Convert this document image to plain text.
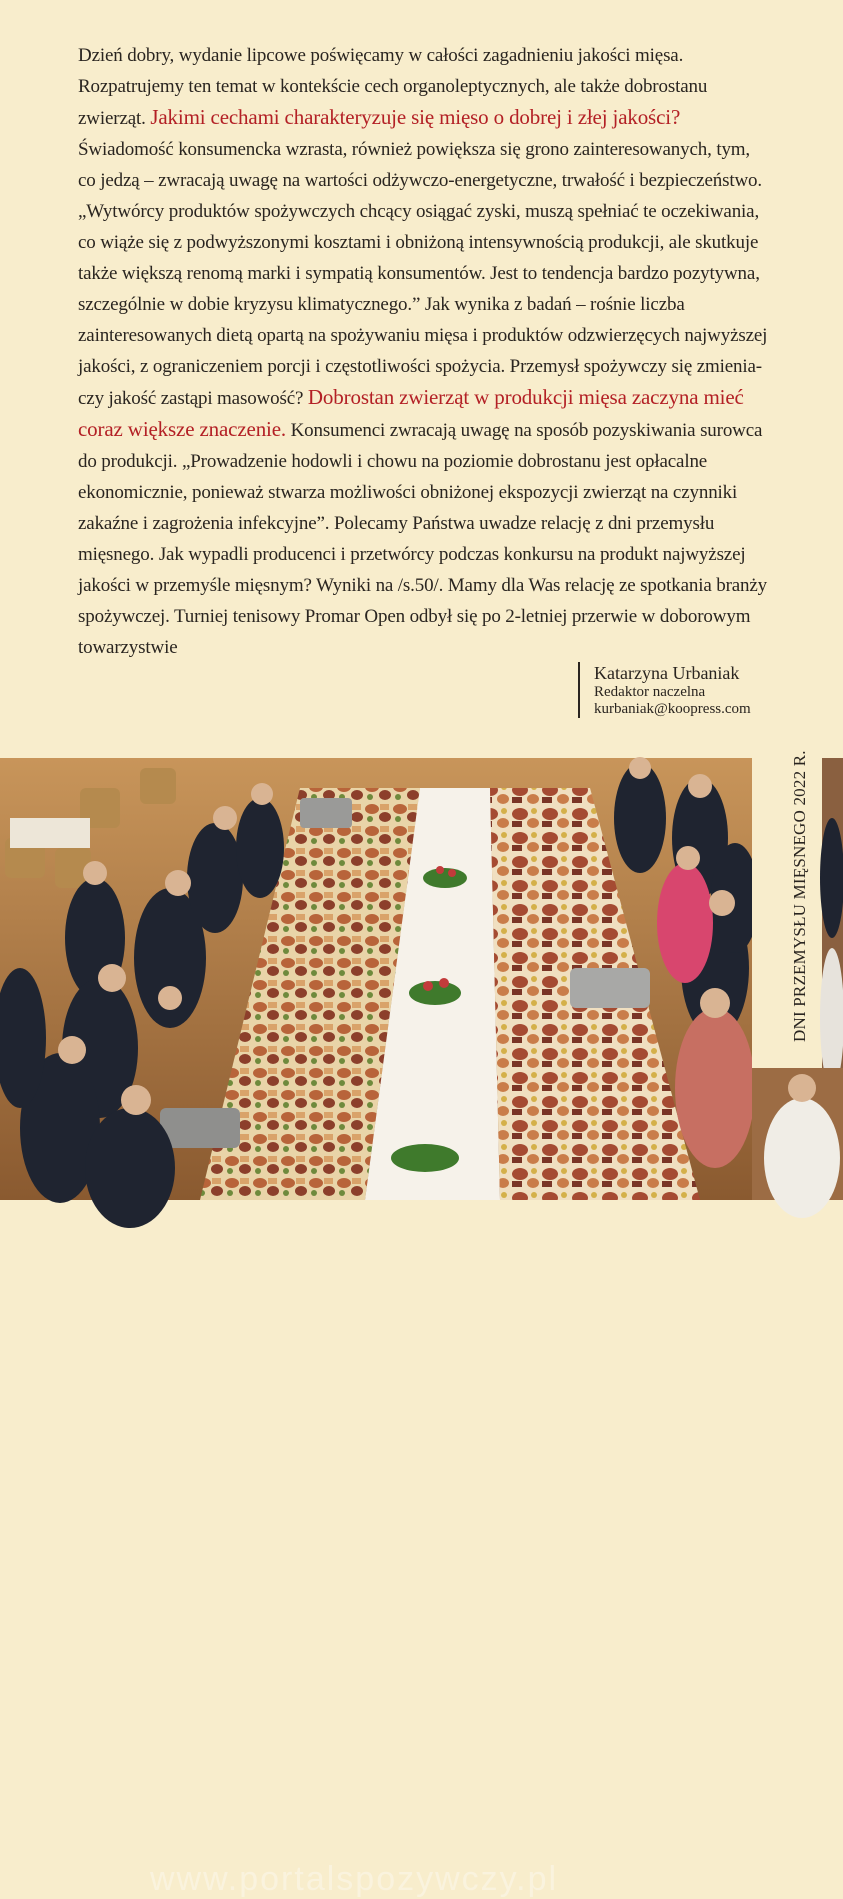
Dzień dobry, wydanie lipcowe poświęcamy w całości zagadnieniu jakości mięsa. Rozpatrujemy ten temat w kontekście cech organoleptycznych, ale także dobrostanu zwierząt. Jakimi cechami charakteryzuje się mięso o dobrej i złej jakości? Świadomość konsumencka wzrasta, również powiększa się grono zainteresowanych, tym, co jedzą – zwracają uwagę na wartości odżywczo-energetyczne, trwałość i bezpieczeństwo. „Wytwórcy produktów spożywczych chcący osiągać zyski, muszą spełniać te oczekiwania, co wiąże się z podwyższonymi kosztami i obniżoną intensywnością produkcji, ale skutkuje także większą renomą marki i sympatią konsumentów. Jest to tendencja bardzo pozytywna, szczególnie w dobie kryzysu klimatycznego.” Jak wynika z badań – rośnie liczba zainteresowanych dietą opartą na spożywaniu mięsa i produktów odzwierzęcych najwyższej jakości, z ograniczeniem porcji i częstotliwości spożycia. Przemysł spożywczy się zmienia-czy jakość zastąpi masowość? Dobrostan zwierząt w produkcji mięsa zaczyna mieć coraz większe znaczenie. Konsumenci zwracają uwagę na sposób pozyskiwania surowca do produkcji. „Prowadzenie hodowli i chowu na poziomie dobrostanu jest opłacalne ekonomicznie, ponieważ stwarza możliwości obniżonej ekspozycji zwierząt na czynniki zakaźne i zagrożenia infekcyjne”. Polecamy Państwa uwadze relację z dni przemysłu mięsnego. Jak wypadli producenci i przetwórcy podczas konkursu na produkt najwyższej jakości w przemyśle mięsnym? Wyniki na /s.50/. Mamy dla Was relację ze spotkania branży spożywczej. Turniej tenisowy Promar Open odbył się po 2-letniej przerwie w doborowym towarzystwie

Katarzyna Urbaniak
Redaktor naczelna
kurbaniak@koopress.com
www.portalspozywczy.pl
DNI PRZEMYSŁU MIĘSNEGO 2022 R.
